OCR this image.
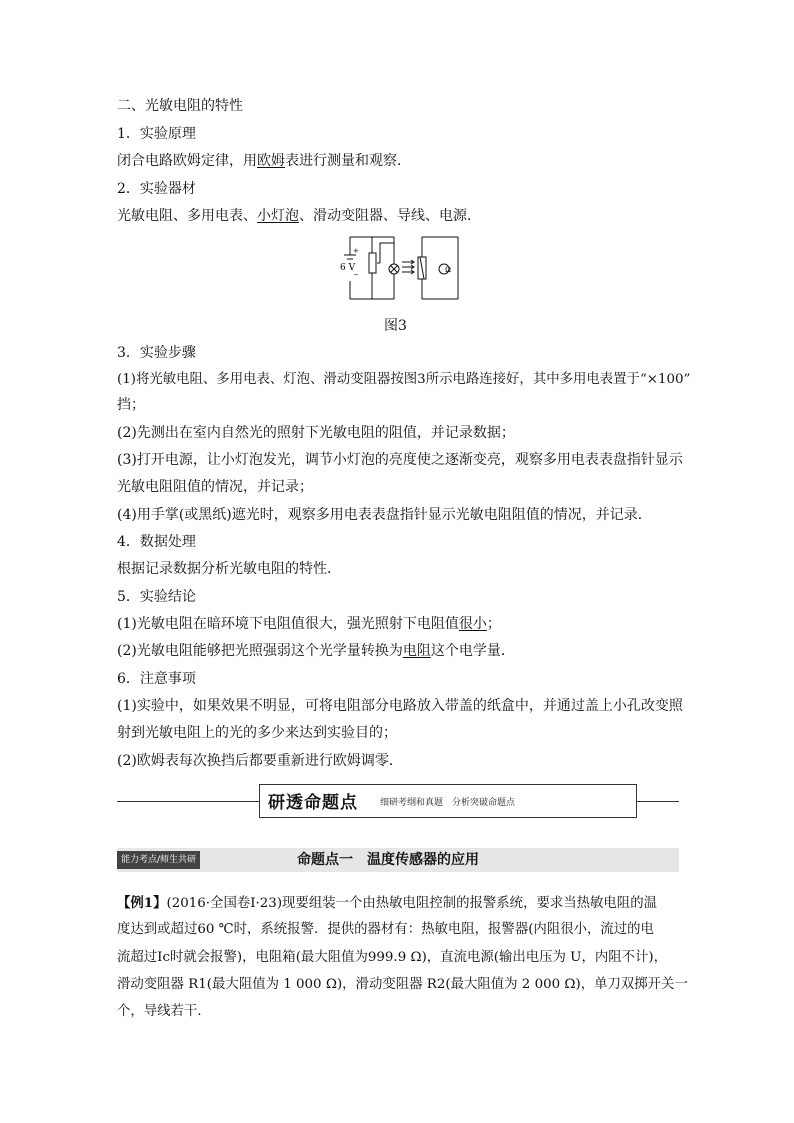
二、光敏电阻的特性
1．实验原理
闭合电路欧姆定律，用欧姆表进行测量和观察．
2．实验器材
光敏电阻、多用电表、小灯泡、滑动变阻器、导线、电源．
Ω
+
6 V
−
图3
3．实验步骤
(1)将光敏电阻、多用电表、灯泡、滑动变阻器按图3所示电路连接好，其中多用电表置于“×100”
挡；
(2)先测出在室内自然光的照射下光敏电阻的阻值，并记录数据；
(3)打开电源，让小灯泡发光，调节小灯泡的亮度使之逐渐变亮，观察多用电表表盘指针显示
光敏电阻阻值的情况，并记录；
(4)用手掌(或黑纸)遮光时，观察多用电表表盘指针显示光敏电阻阻值的情况，并记录．
4．数据处理
根据记录数据分析光敏电阻的特性．
5．实验结论
(1)光敏电阻在暗环境下电阻值很大，强光照射下电阻值很小；
(2)光敏电阻能够把光照强弱这个光学量转换为电阻这个电学量．
6．注意事项
(1)实验中，如果效果不明显，可将电阻部分电路放入带盖的纸盒中，并通过盖上小孔改变照
射到光敏电阻上的光的多少来达到实验目的；
(2)欧姆表每次换挡后都要重新进行欧姆调零．
研透命题点 细研考纲和真题　分析突破命题点
能力考点/师生共研	命题点一　温度传感器的应用
【例1】(2016·全国卷Ⅰ·23)现要组装一个由热敏电阻控制的报警系统，要求当热敏电阻的温
度达到或超过60 ℃时，系统报警．提供的器材有：热敏电阻，报警器(内阻很小，流过的电
流超过Ic时就会报警)，电阻箱(最大阻值为999.9 Ω)，直流电源(输出电压为 U，内阻不计)，
滑动变阻器 R1(最大阻值为 1 000 Ω)，滑动变阻器 R2(最大阻值为 2 000 Ω)，单刀双掷开关一
个，导线若干．
